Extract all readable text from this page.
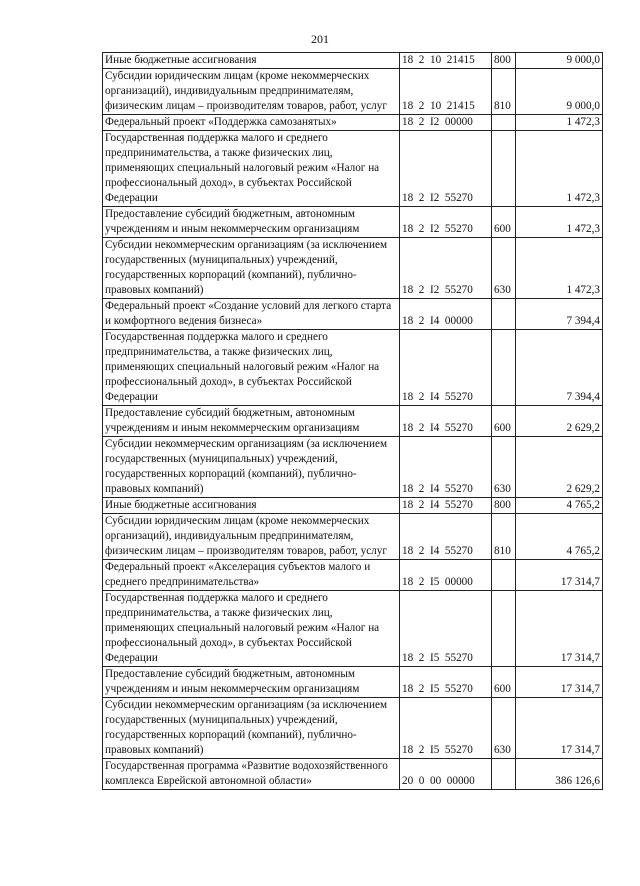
201
Иные бюджетные ассигнования	18  2  10  21415	800	9 000,0
Субсидии юридическим лицам (кроме некоммерческих организаций), индивидуальным предпринимателям, физическим лицам – производителям товаров, работ, услуг	18  2  10  21415	810	9 000,0
Федеральный проект «Поддержка самозанятых»	18  2  I2  00000		1 472,3
Государственная поддержка малого и среднего предпринимательства, а также физических лиц, применяющих специальный налоговый режим «Налог на профессиональный доход», в субъектах Российской Федерации	18  2  I2  55270		1 472,3
Предоставление субсидий бюджетным, автономным учреждениям и иным некоммерческим организациям	18  2  I2  55270	600	1 472,3
Субсидии некоммерческим организациям (за исключением государственных (муниципальных) учреждений, государственных корпораций (компаний), публично-правовых компаний)	18  2  I2  55270	630	1 472,3
Федеральный проект «Создание условий для легкого старта и комфортного ведения бизнеса»	18  2  I4  00000		7 394,4
Государственная поддержка малого и среднего предпринимательства, а также физических лиц, применяющих специальный налоговый режим «Налог на профессиональный доход», в субъектах Российской Федерации	18  2  I4  55270		7 394,4
Предоставление субсидий бюджетным, автономным учреждениям и иным некоммерческим организациям	18  2  I4  55270	600	2 629,2
Субсидии некоммерческим организациям (за исключением государственных (муниципальных) учреждений, государственных корпораций (компаний), публично-правовых компаний)	18  2  I4  55270	630	2 629,2
Иные бюджетные ассигнования	18  2  I4  55270	800	4 765,2
Субсидии юридическим лицам (кроме некоммерческих организаций), индивидуальным предпринимателям, физическим лицам – производителям товаров, работ, услуг	18  2  I4  55270	810	4 765,2
Федеральный проект «Акселерация субъектов малого и среднего предпринимательства»	18  2  I5  00000		17 314,7
Государственная поддержка малого и среднего предпринимательства, а также физических лиц, применяющих специальный налоговый режим «Налог на профессиональный доход», в субъектах Российской Федерации	18  2  I5  55270		17 314,7
Предоставление субсидий бюджетным, автономным учреждениям и иным некоммерческим организациям	18  2  I5  55270	600	17 314,7
Субсидии некоммерческим организациям (за исключением государственных (муниципальных) учреждений, государственных корпораций (компаний), публично-правовых компаний)	18  2  I5  55270	630	17 314,7
Государственная программа «Развитие водохозяйственного комплекса Еврейской автономной области»	20  0  00  00000		386 126,6
